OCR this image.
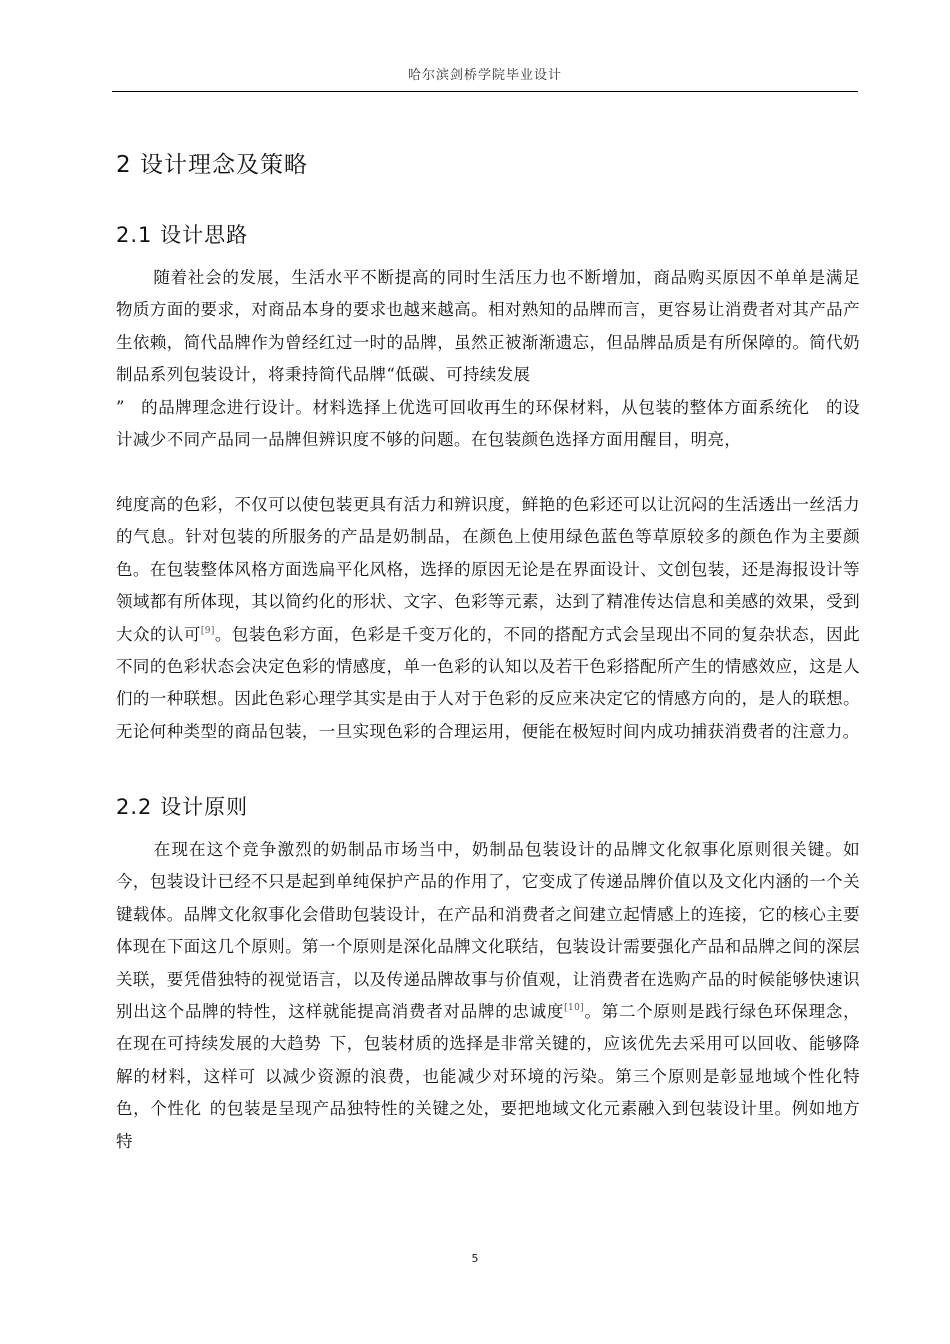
哈尔滨剑桥学院毕业设计
2 设计理念及策略
2.1 设计思路

随着社会的发展，生活水平不断提高的同时生活压力也不断增加，商品购买原因不单单是满足物质方面的要求，对商品本身的要求也越来越高。相对熟知的品牌而言，更容易让消费者对其产品产生依赖，简代品牌作为曾经红过一时的品牌，虽然正被渐渐遗忘，但品牌品质是有所保障的。简代奶制品系列包装设计，将秉持简代品牌“低碳、可持续发展
” 的品牌理念进行设计。材料选择上优选可回收再生的环保材料，从包装的整体方面系统化 的设计减少不同产品同一品牌但辨识度不够的问题。在包装颜色选择方面用醒目，明亮，

纯度高的色彩，不仅可以使包装更具有活力和辨识度，鲜艳的色彩还可以让沉闷的生活透出一丝活力的气息。针对包装的所服务的产品是奶制品，在颜色上使用绿色蓝色等草原较多的颜色作为主要颜色。在包装整体风格方面选扁平化风格，选择的原因无论是在界面设计、文创包装，还是海报设计等领域都有所体现，其以简约化的形状、文字、色彩等元素，达到了精准传达信息和美感的效果，受到大众的认可[9]。包装色彩方面，色彩是千变万化的，不同的搭配方式会呈现出不同的复杂状态，因此不同的色彩状态会决定色彩的情感度，单一色彩的认知以及若干色彩搭配所产生的情感效应，这是人们的一种联想。因此色彩心理学其实是由于人对于色彩的反应来决定它的情感方向的，是人的联想。无论何种类型的商品包装，一旦实现色彩的合理运用，便能在极短时间内成功捕获消费者的注意力。

2.2 设计原则

在现在这个竞争激烈的奶制品市场当中，奶制品包装设计的品牌文化叙事化原则很关键。如今，包装设计已经不只是起到单纯保护产品的作用了，它变成了传递品牌价值以及文化内涵的一个关键载体。品牌文化叙事化会借助包装设计，在产品和消费者之间建立起情感上的连接，它的核心主要体现在下面这几个原则。第一个原则是深化品牌文化联结，包装设计需要强化产品和品牌之间的深层关联，要凭借独特的视觉语言，以及传递品牌故事与价值观，让消费者在选购产品的时候能够快速识别出这个品牌的特性，这样就能提高消费者对品牌的忠诚度[10]。第二个原则是践行绿色环保理念，在现在可持续发展的大趋势 下，包装材质的选择是非常关键的，应该优先去采用可以回收、能够降解的材料，这样可 以减少资源的浪费，也能减少对环境的污染。第三个原则是彰显地域个性化特色，个性化 的包装是呈现产品独特性的关键之处，要把地域文化元素融入到包装设计里。例如地方特

5
